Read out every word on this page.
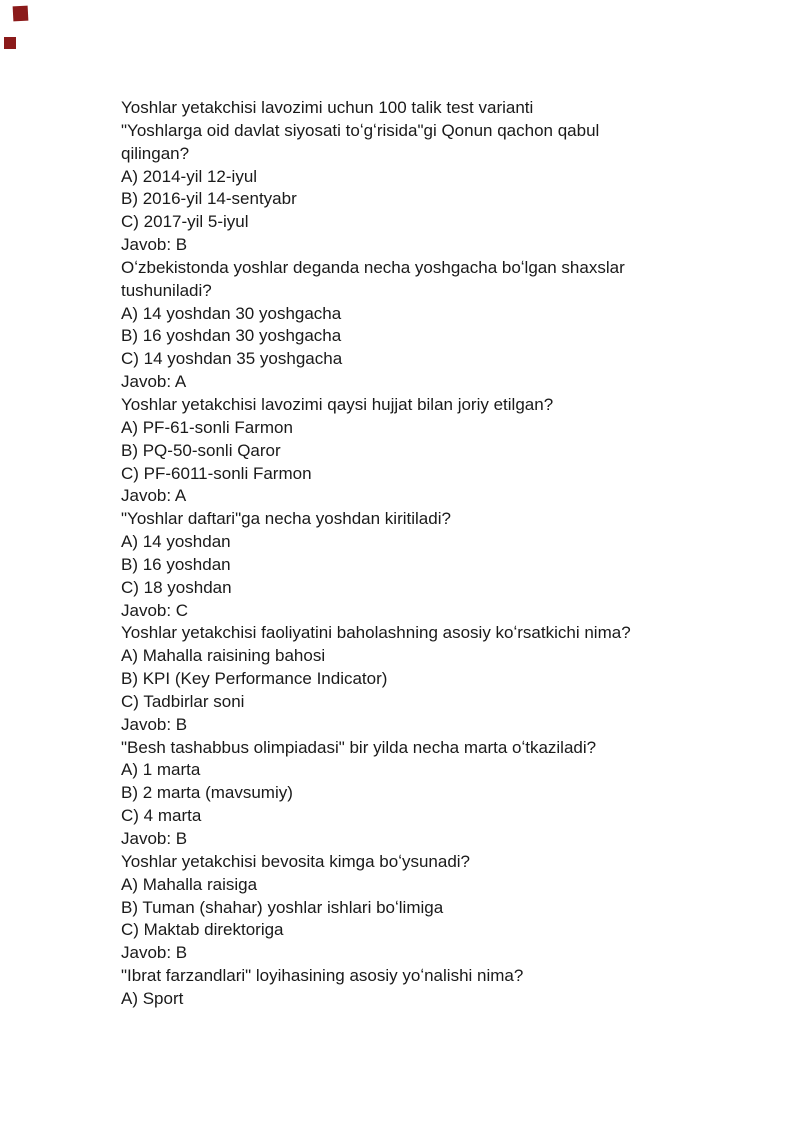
Yoshlar yetakchisi lavozimi uchun 100 talik test varianti
"Yoshlarga oid davlat siyosati toʻgʻrisida"gi Qonun qachon qabul
qilingan?
A) 2014-yil 12-iyul
B) 2016-yil 14-sentyabr
C) 2017-yil 5-iyul
Javob: B
Oʻzbekistonda yoshlar deganda necha yoshgacha boʻlgan shaxslar
tushuniladi?
A) 14 yoshdan 30 yoshgacha
B) 16 yoshdan 30 yoshgacha
C) 14 yoshdan 35 yoshgacha
Javob: A
Yoshlar yetakchisi lavozimi qaysi hujjat bilan joriy etilgan?
A) PF-61-sonli Farmon
B) PQ-50-sonli Qaror
C) PF-6011-sonli Farmon
Javob: A
"Yoshlar daftari"ga necha yoshdan kiritiladi?
A) 14 yoshdan
B) 16 yoshdan
C) 18 yoshdan
Javob: C
Yoshlar yetakchisi faoliyatini baholashning asosiy koʻrsatkichi nima?
A) Mahalla raisining bahosi
B) KPI (Key Performance Indicator)
C) Tadbirlar soni
Javob: B
"Besh tashabbus olimpiadasi" bir yilda necha marta oʻtkaziladi?
A) 1 marta
B) 2 marta (mavsumiy)
C) 4 marta
Javob: B
Yoshlar yetakchisi bevosita kimga boʻysunadi?
A) Mahalla raisiga
B) Tuman (shahar) yoshlar ishlari boʻlimiga
C) Maktab direktoriga
Javob: B
"Ibrat farzandlari" loyihasining asosiy yoʻnalishi nima?
A) Sport
